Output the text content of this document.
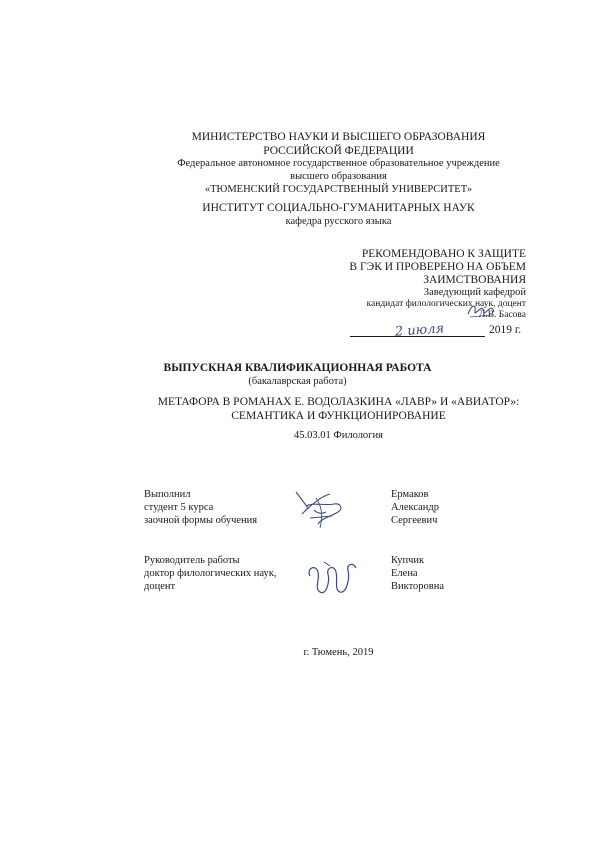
МИНИСТЕРСТВО НАУКИ И ВЫСШЕГО ОБРАЗОВАНИЯ
РОССИЙСКОЙ ФЕДЕРАЦИИ
Федеральное автономное государственное образовательное учреждение
высшего образования
«ТЮМЕНСКИЙ ГОСУДАРСТВЕННЫЙ УНИВЕРСИТЕТ»
ИНСТИТУТ СОЦИАЛЬНО-ГУМАНИТАРНЫХ НАУК
кафедра русского языка
РЕКОМЕНДОВАНО К ЗАЩИТЕ
В ГЭК И ПРОВЕРЕНО НА ОБЪЕМ
ЗАИМСТВОВАНИЯ
Заведующий кафедрой
кандидат филологических наук, доцент
Л.В. Басова
2 июля	2019 г.
ВЫПУСКНАЯ КВАЛИФИКАЦИОННАЯ РАБОТА
(бакалаврская работа)
МЕТАФОРА В РОМАНАХ Е. ВОДОЛАЗКИНА «ЛАВР» И «АВИАТОР»:
СЕМАНТИКА И ФУНКЦИОНИРОВАНИЕ
45.03.01 Филология
Выполнил
студент 5 курса
заочной формы обучения
Ермаков
Александр
Сергеевич
Руководитель работы
доктор филологических наук,
доцент
Купчик
Елена
Викторовна
г. Тюмень, 2019
